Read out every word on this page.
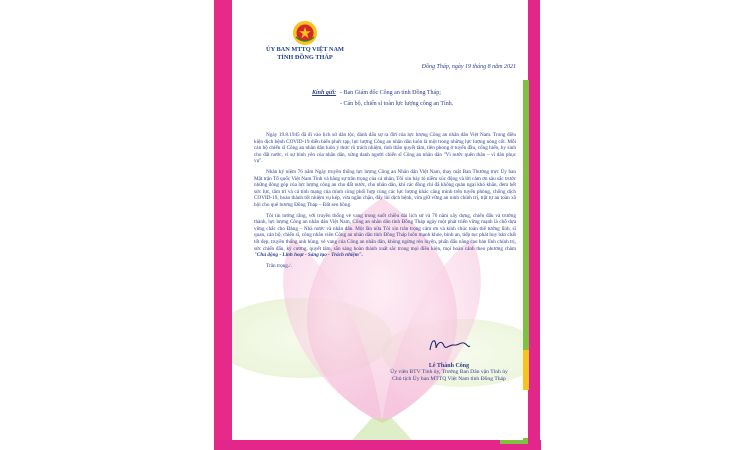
ỦY BAN MTTQ VIỆT NAM
TỈNH ĐỒNG THÁP
Đồng Tháp, ngày 19 tháng 8 năm 2021
Kính gửi: - Ban Giám đốc Công an tỉnh Đồng Tháp;
- Cán bộ, chiến sĩ toàn lực lượng công an Tỉnh.

Ngày 19.8.1945 đã đi vào lịch sử dân tộc, đánh dấu sự ra đời của lực lượng Công an nhân dân Việt Nam. Trong điều kiện dịch bệnh COVID-19 diễn biến phức tạp, lực lượng Công an nhân dân luôn là một trong những lực lượng nòng cốt. Mỗi cán bộ chiến sĩ Công an nhân dân luôn ý thức rõ trách nhiệm, tinh thần quyết tâm, tiên phong ở tuyến đầu, cống hiến, hy sinh cho đất nước, vì sự bình yên của nhân dân, xứng danh người chiến sĩ Công an nhân dân "Vì nước quên thân – vì dân phục vụ".

Nhân kỷ niệm 76 năm Ngày truyền thống lực lượng Công an Nhân dân Việt Nam, thay mặt Ban Thường trực Ủy ban Mặt trận Tổ quốc Việt Nam Tỉnh và bằng sự trân trọng của cá nhân, Tôi xin bày tỏ niềm xúc động và lời cảm ơn sâu sắc trước những đóng góp của lực lượng công an cho đất nước, cho nhân dân, khi các đồng chí đã không quản ngại khó khăn, đem hết sức lực, tâm trí và cả tính mạng của mình cùng phối hợp cùng các lực lượng khác căng mình trên tuyến phòng, chống dịch COVID-19, hoàn thành tốt nhiệm vụ kép, vừa ngăn chặn, đẩy lùi dịch bệnh, vừa giữ vững an ninh chính trị, trật tự an toàn xã hội cho quê hương Đồng Tháp – Đất sen hồng.

Tôi tin tưởng rằng, với truyền thống vẻ vang trong suốt chiều dài lịch sử và 76 năm xây dựng, chiến đấu và trưởng thành, lực lượng Công an nhân dân Việt Nam, Công an nhân dân tỉnh Đồng Tháp ngày một phát triển vững mạnh là chỗ dựa vững chắc cho Đảng – Nhà nước và nhân dân. Một lần nữa Tôi xin trân trọng cảm ơn và kính chúc toàn thể tướng lĩnh, sĩ quan, cán bộ, chiến sĩ, công nhân viên Công an nhân dân tỉnh Đồng Tháp luôn mạnh khỏe, bình an, tiếp tục phát huy bản chất tốt đẹp, truyền thống anh hùng, vẻ vang của Công an nhân dân, không ngừng rèn luyện, phấn đấu nâng cao bản lĩnh chính trị, sức chiến đấu, kỷ cương, quyết tâm, sẵn sàng hoàn thành xuất sắc trong mọi điều kiện, mọi hoàn cảnh theo phương châm "Chủ động - Linh hoạt - Sáng tạo - Trách nhiệm".

Trân trọng./.

Lê Thành Công
Ủy viên BTV Tỉnh ủy, Trưởng Ban Dân vận Tỉnh ủy
Chủ tịch Ủy ban MTTQ Việt Nam tỉnh Đồng Tháp
